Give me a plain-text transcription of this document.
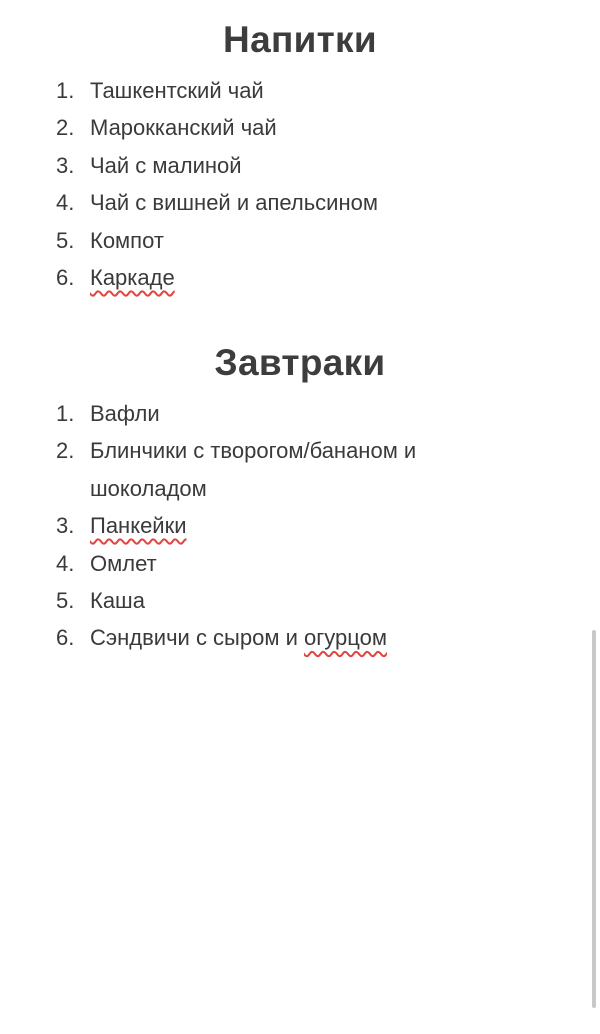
Напитки
1. Ташкентский чай
2. Марокканский чай
3. Чай с малиной
4. Чай с вишней и апельсином
5. Компот
6. Каркаде
Завтраки
1. Вафли
2. Блинчики с творогом/бананом и шоколадом
3. Панкейки
4. Омлет
5. Каша
6. Сэндвичи с сыром и огурцом
